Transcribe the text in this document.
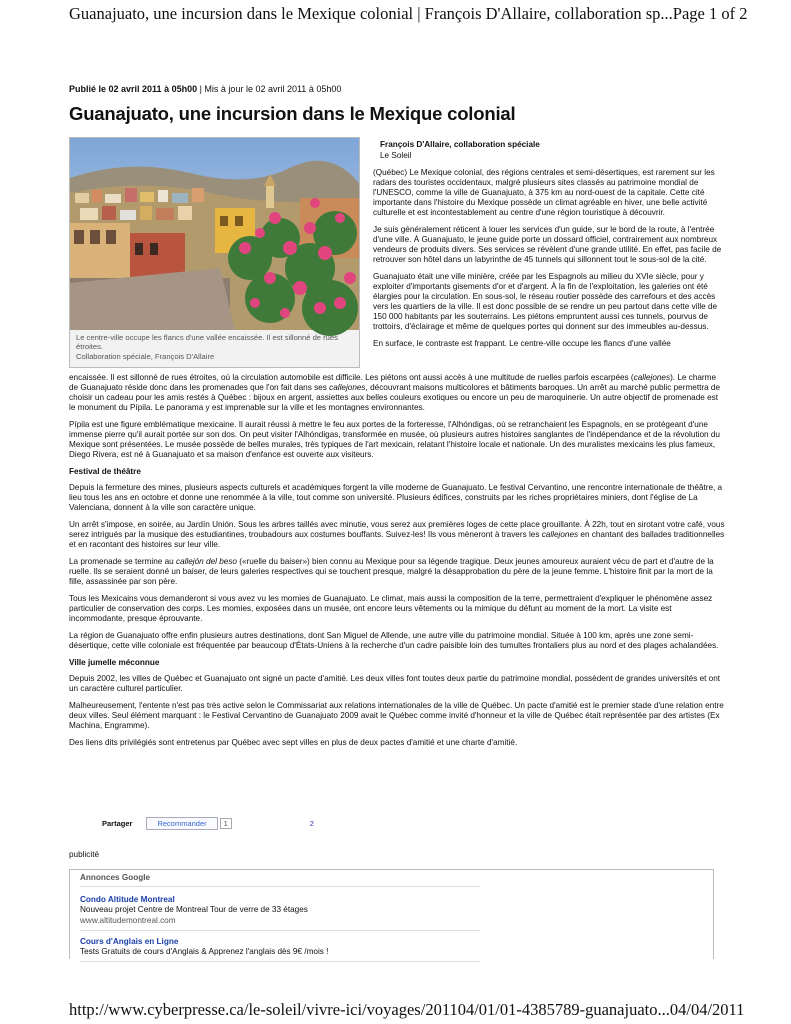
Guanajuato, une incursion dans le Mexique colonial | François D'Allaire, collaboration sp... Page 1 of 2
Publié le 02 avril 2011 à 05h00 | Mis à jour le 02 avril 2011 à 05h00
Guanajuato, une incursion dans le Mexique colonial
Le centre-ville occupe les flancs d'une vallée encaissée. Il est sillonné de rues étroites.
Collaboration spéciale, François D'Allaire
François D'Allaire, collaboration spéciale
Le Soleil

(Québec) Le Mexique colonial, des régions centrales et semi-désertiques, est rarement sur les radars des touristes occidentaux, malgré plusieurs sites classés au patrimoine mondial de l'UNESCO, comme la ville de Guanajuato, à 375 km au nord-ouest de la capitale. Cette cité importante dans l'histoire du Mexique possède un climat agréable en hiver, une belle activité culturelle et est incontestablement au centre d'une région touristique à découvrir.

Je suis généralement réticent à louer les services d'un guide, sur le bord de la route, à l'entrée d'une ville. À Guanajuato, le jeune guide porte un dossard officiel, contrairement aux nombreux vendeurs de produits divers. Ses services se révèlent d'une grande utilité. En effet, pas facile de retrouver son hôtel dans un labyrinthe de 45 tunnels qui sillonnent tout le sous-sol de la cité.

Guanajuato était une ville minière, créée par les Espagnols au milieu du XVIe siècle, pour y exploiter d'importants gisements d'or et d'argent. À la fin de l'exploitation, les galeries ont été élargies pour la circulation. En sous-sol, le réseau routier possède des carrefours et des accès vers les quartiers de la ville. Il est donc possible de se rendre un peu partout dans cette ville de 150 000 habitants par les souterrains. Les piétons empruntent aussi ces tunnels, pourvus de trottoirs, d'éclairage et même de quelques portes qui donnent sur des immeubles au-dessus.

En surface, le contraste est frappant. Le centre-ville occupe les flancs d'une vallée

encaissée. Il est sillonné de rues étroites, où la circulation automobile est difficile. Les piétons ont aussi accès à une multitude de ruelles parfois escarpées (callejones). Le charme de Guanajuato réside donc dans les promenades que l'on fait dans ses callejones, découvrant maisons multicolores et bâtiments baroques. Un arrêt au marché public permettra de choisir un cadeau pour les amis restés à Québec : bijoux en argent, assiettes aux belles couleurs exotiques ou encore un peu de maroquinerie. Un autre objectif de promenade est le monument du Pípila. Le panorama y est imprenable sur la ville et les montagnes environnantes.

Pípila est une figure emblématique mexicaine. Il aurait réussi à mettre le feu aux portes de la forteresse, l'Alhóndigas, où se retranchaient les Espagnols, en se protégeant d'une immense pierre qu'il aurait portée sur son dos. On peut visiter l'Alhóndigas, transformée en musée, où plusieurs autres histoires sanglantes de l'indépendance et de la révolution du Mexique sont présentées. Le musée possède de belles murales, très typiques de l'art mexicain, relatant l'histoire locale et nationale. Un des muralistes mexicains les plus fameux, Diego Rivera, est né à Guanajuato et sa maison d'enfance est ouverte aux visiteurs.

Festival de théâtre

Depuis la fermeture des mines, plusieurs aspects culturels et académiques forgent la ville moderne de Guanajuato. Le festival Cervantino, une rencontre internationale de théâtre, a lieu tous les ans en octobre et donne une renommée à la ville, tout comme son université. Plusieurs édifices, construits par les riches propriétaires miniers, dont l'église de La Valenciana, donnent à la ville son caractère unique.

Un arrêt s'impose, en soirée, au Jardín Unión. Sous les arbres taillés avec minutie, vous serez aux premières loges de cette place grouillante. À 22h, tout en sirotant votre café, vous serez intrigués par la musique des estudiantines, troubadours aux costumes bouffants. Suivez-les! Ils vous mèneront à travers les callejones en chantant des ballades traditionnelles et en racontant des histoires sur leur ville.

La promenade se termine au callejón del beso («ruelle du baiser») bien connu au Mexique pour sa légende tragique. Deux jeunes amoureux auraient vécu de part et d'autre de la ruelle. Ils se seraient donné un baiser, de leurs galeries respectives qui se touchent presque, malgré la désapprobation du père de la jeune femme. L'histoire finit par la mort de la fille, assassinée par son père.

Tous les Mexicains vous demanderont si vous avez vu les momies de Guanajuato. Le climat, mais aussi la composition de la terre, permettraient d'expliquer le phénomène assez particulier de conservation des corps. Les momies, exposées dans un musée, ont encore leurs vêtements ou la mimique du défunt au moment de la mort. La visite est incommodante, presque éprouvante.

La région de Guanajuato offre enfin plusieurs autres destinations, dont San Miguel de Allende, une autre ville du patrimoine mondial. Située à 100 km, après une zone semi-désertique, cette ville coloniale est fréquentée par beaucoup d'États-Uniens à la recherche d'un cadre paisible loin des tumultes frontaliers plus au nord et des plages achalandées.

Ville jumelle méconnue

Depuis 2002, les villes de Québec et Guanajuato ont signé un pacte d'amitié. Les deux villes font toutes deux partie du patrimoine mondial, possèdent de grandes universités et ont un caractère culturel particulier.

Malheureusement, l'entente n'est pas très active selon le Commissariat aux relations internationales de la ville de Québec. Un pacte d'amitié est le premier stade d'une relation entre deux villes. Seul élément marquant : le Festival Cervantino de Guanajuato 2009 avait le Québec comme invité d'honneur et la ville de Québec était représentée par des artistes (Ex Machina, Engramme).

Des liens dits privilégiés sont entretenus par Québec avec sept villes en plus de deux pactes d'amitié et une charte d'amitié.

Partager	Recommander	1	2
publicité
Annonces Google
Condo Altitude Montreal
Nouveau projet Centre de Montreal Tour de verre de 33 étages
www.altitudemontreal.com
Cours d'Anglais en Ligne
Tests Gratuits de cours d'Anglais & Apprenez l'anglais dès 9€ /mois !
http://www.cyberpresse.ca/le-soleil/vivre-ici/voyages/201104/01/01-4385789-guanajuato... 04/04/2011
